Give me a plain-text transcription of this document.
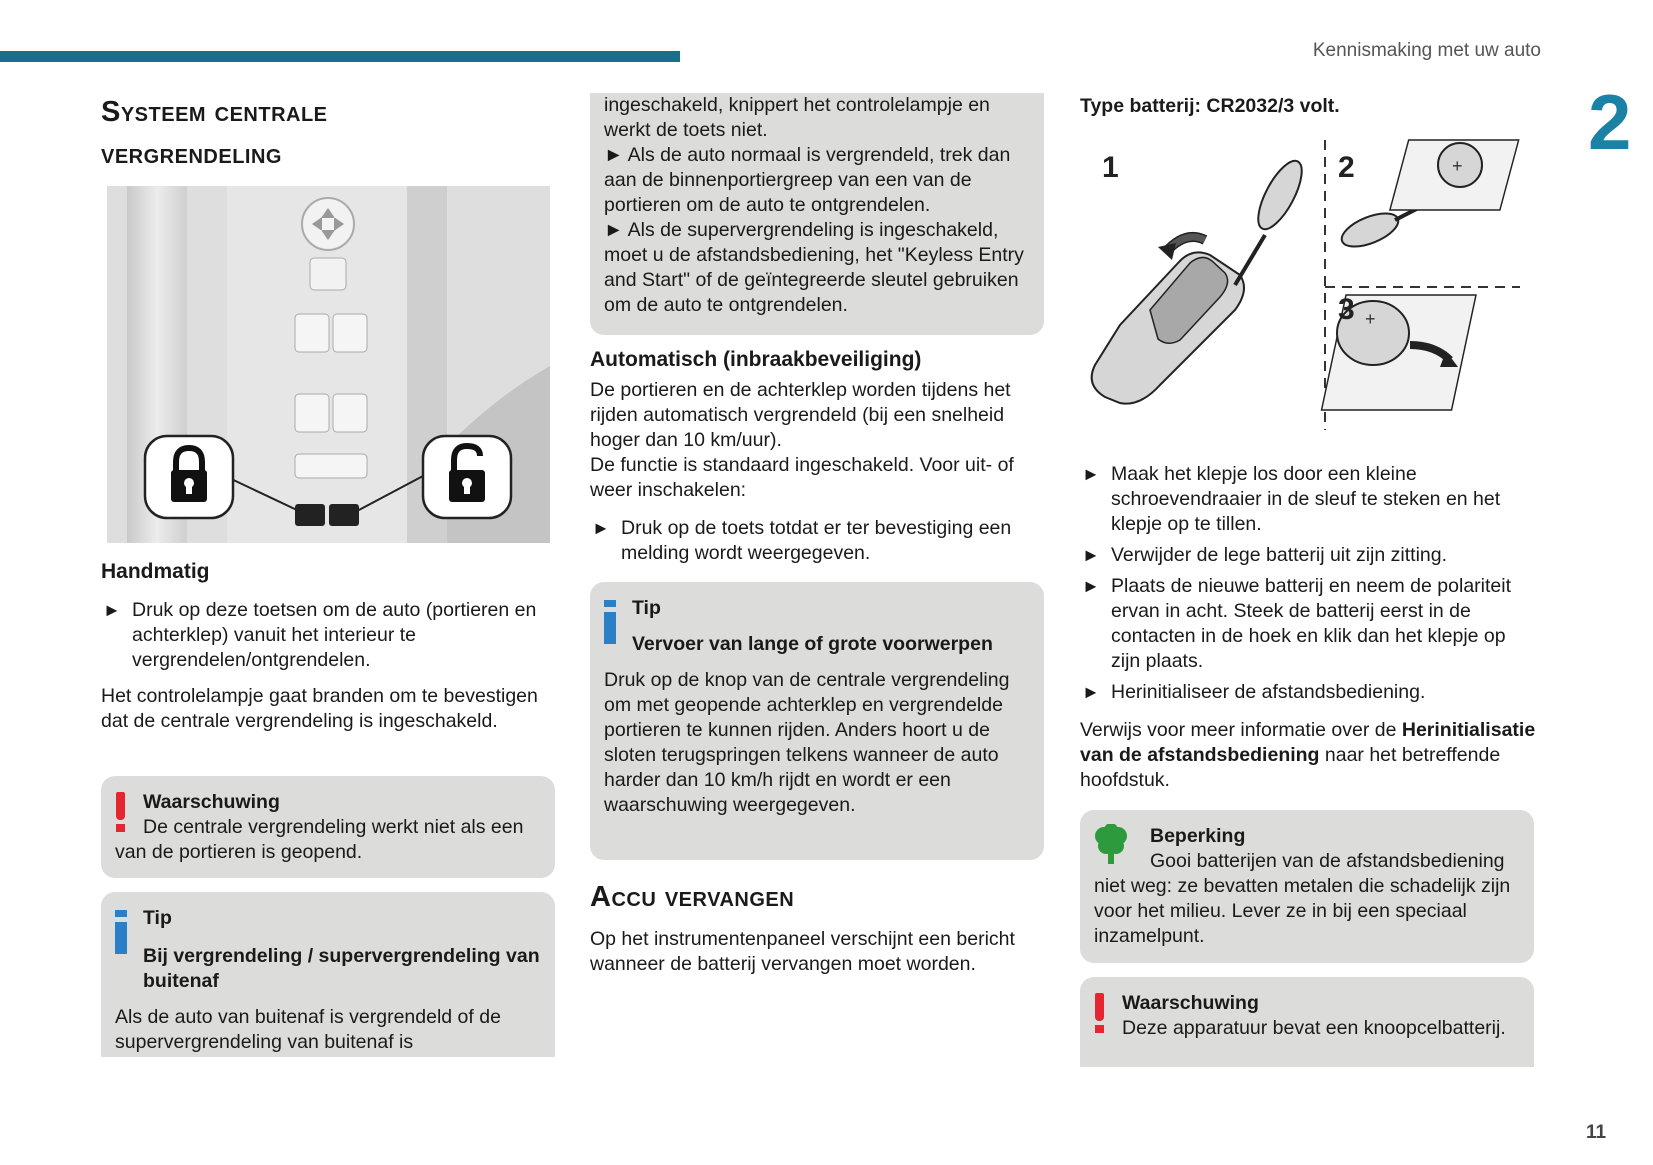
Kennismaking met uw auto
2
11
Systeem centrale
vergrendeling
Handmatig
► Druk op deze toetsen om de auto (portieren en achterklep) vanuit het interieur te vergrendelen/ontgrendelen.

Het controlelampje gaat branden om te bevestigen dat de centrale vergrendeling is ingeschakeld.

Waarschuwing
De centrale vergrendeling werkt niet als een van de portieren is geopend.
Tip
Bij vergrendeling / supervergrendeling van buitenaf
Als de auto van buitenaf is vergrendeld of de supervergrendeling van buitenaf is
ingeschakeld, knippert het controlelampje en werkt de toets niet.
► Als de auto normaal is vergrendeld, trek dan aan de binnenportiergreep van een van de portieren om de auto te ontgrendelen.
► Als de supervergrendeling is ingeschakeld, moet u de afstandsbediening, het "Keyless Entry and Start" of de geïntegreerde sleutel gebruiken om de auto te ontgrendelen.
Automatisch (inbraakbeveiliging)

De portieren en de achterklep worden tijdens het rijden automatisch vergrendeld (bij een snelheid hoger dan 10 km/uur).

De functie is standaard ingeschakeld. Voor uit- of weer inschakelen:

► Druk op de toets totdat er ter bevestiging een melding wordt weergegeven.
Tip
Vervoer van lange of grote voorwerpen
Druk op de knop van de centrale vergrendeling om met geopende achterklep en vergrendelde portieren te kunnen rijden. Anders hoort u de sloten terugspringen telkens wanneer de auto harder dan 10 km/h rijdt en wordt er een waarschuwing weergegeven.
Accu vervangen

Op het instrumentenpaneel verschijnt een bericht wanneer de batterij vervangen moet worden.

Type batterij: CR2032/3 volt.
+
+
1	2
3
► Maak het klepje los door een kleine schroevendraaier in de sleuf te steken en het klepje op te tillen.
► Verwijder de lege batterij uit zijn zitting.
► Plaats de nieuwe batterij en neem de polariteit ervan in acht. Steek de batterij eerst in de contacten in de hoek en klik dan het klepje op zijn plaats.
► Herinitialiseer de afstandsbediening.

Verwijs voor meer informatie over de Herinitialisatie van de afstandsbediening naar het betreffende hoofdstuk.

Beperking
Gooi batterijen van de afstandsbediening niet weg: ze bevatten metalen die schadelijk zijn voor het milieu. Lever ze in bij een speciaal inzamelpunt.
Waarschuwing
Deze apparatuur bevat een knoopcelbatterij.
